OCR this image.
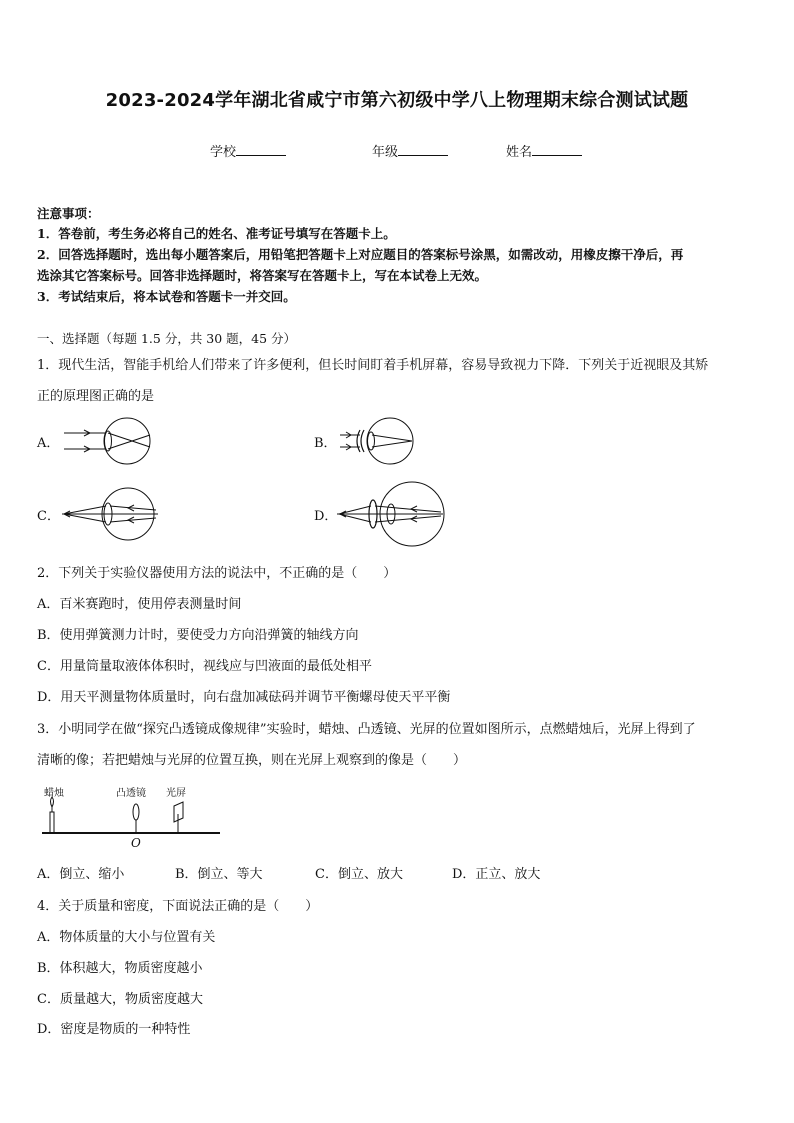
2023-2024学年湖北省咸宁市第六初级中学八上物理期末综合测试试题
学校	年级	姓名
注意事项：
1．答卷前，考生务必将自己的姓名、准考证号填写在答题卡上。
2．回答选择题时，选出每小题答案后，用铅笔把答题卡上对应题目的答案标号涂黑，如需改动，用橡皮擦干净后，再
选涂其它答案标号。回答非选择题时，将答案写在答题卡上，写在本试卷上无效。
3．考试结束后，将本试卷和答题卡一并交回。
一、选择题（每题 1.5 分，共 30 题，45 分）
1．现代生活，智能手机给人们带来了许多便利，但长时间盯着手机屏幕，容易导致视力下降．下列关于近视眼及其矫
正的原理图正确的是
A．	B．
C．	D．
2．下列关于实验仪器使用方法的说法中，不正确的是（　　）
A．百米赛跑时，使用停表测量时间
B．使用弹簧测力计时，要使受力方向沿弹簧的轴线方向
C．用量筒量取液体体积时，视线应与凹液面的最低处相平
D．用天平测量物体质量时，向右盘加减砝码并调节平衡螺母使天平平衡
3．小明同学在做“探究凸透镜成像规律”实验时，蜡烛、凸透镜、光屏的位置如图所示，点燃蜡烛后，光屏上得到了
清晰的像；若把蜡烛与光屏的位置互换，则在光屏上观察到的像是（　　）
蜡烛	凸透镜 光屏
O
A．倒立、缩小	B．倒立、等大	C．倒立、放大	D．正立、放大
4．关于质量和密度，下面说法正确的是（　　）
A．物体质量的大小与位置有关
B．体积越大，物质密度越小
C．质量越大，物质密度越大
D．密度是物质的一种特性
